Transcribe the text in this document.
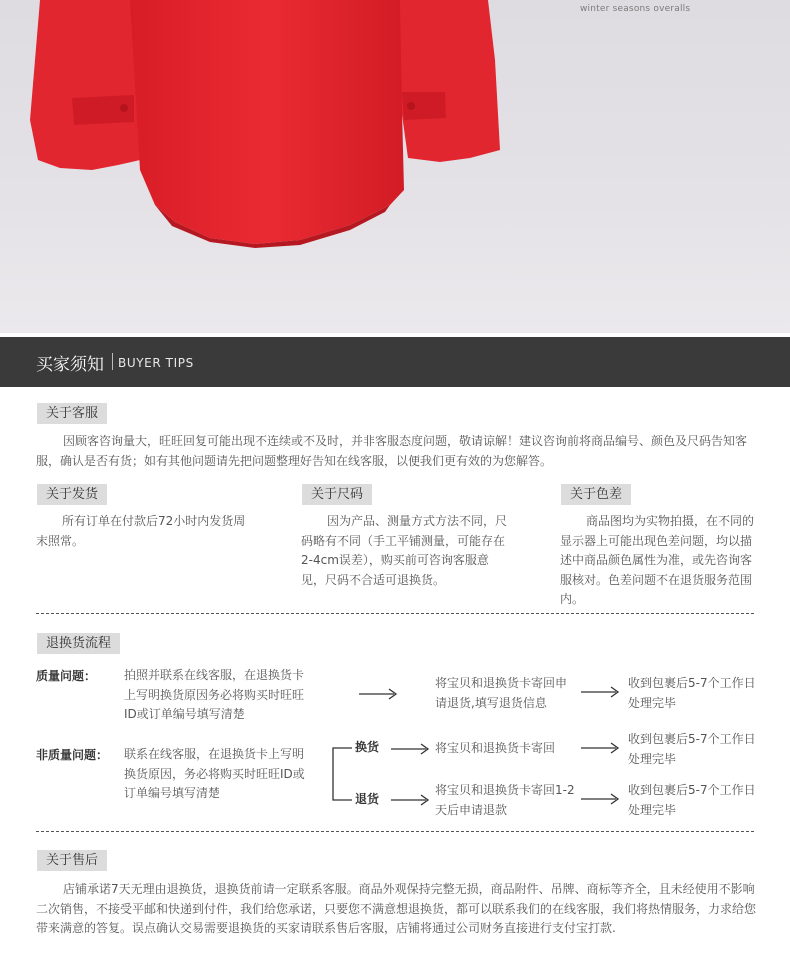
winter seasons overalls
买家须知 BUYER TIPS
关于客服
因顾客咨询量大，旺旺回复可能出现不连续或不及时，并非客服态度问题，敬请谅解！建议咨询前将商品编号、颜色及尺码告知客服，确认是否有货；如有其他问题请先把问题整理好告知在线客服，以便我们更有效的为您解答。
关于发货
所有订单在付款后72小时内发货周末照常。
关于尺码
因为产品、测量方式方法不同，尺码略有不同（手工平铺测量，可能存在2-4cm误差），购买前可咨询客服意见，尺码不合适可退换货。
关于色差
商品图均为实物拍摄，在不同的显示器上可能出现色差问题，均以描述中商品颜色属性为准，或先咨询客服核对。色差问题不在退货服务范围内。
退换货流程
质量问题： 拍照并联系在线客服，在退换货卡上写明换货原因务必将购买时旺旺ID或订单编号填写清楚
将宝贝和退换货卡寄回申请退货,填写退货信息
收到包裹后5-7个工作日处理完毕
非质量问题： 联系在线客服，在退换货卡上写明换货原因，务必将购买时旺旺ID或订单编号填写清楚
换货	将宝贝和退换货卡寄回
收到包裹后5-7个工作日处理完毕
退货
将宝贝和退换货卡寄回1-2天后申请退款
收到包裹后5-7个工作日处理完毕
关于售后
店铺承诺7天无理由退换货，退换货前请一定联系客服。商品外观保持完整无损，商品附件、吊牌、商标等齐全，且未经使用不影响二次销售，不接受平邮和快递到付件，我们给您承诺，只要您不满意想退换货，都可以联系我们的在线客服，我们将热情服务，力求给您带来满意的答复。误点确认交易需要退换货的买家请联系售后客服，店铺将通过公司财务直接进行支付宝打款.
